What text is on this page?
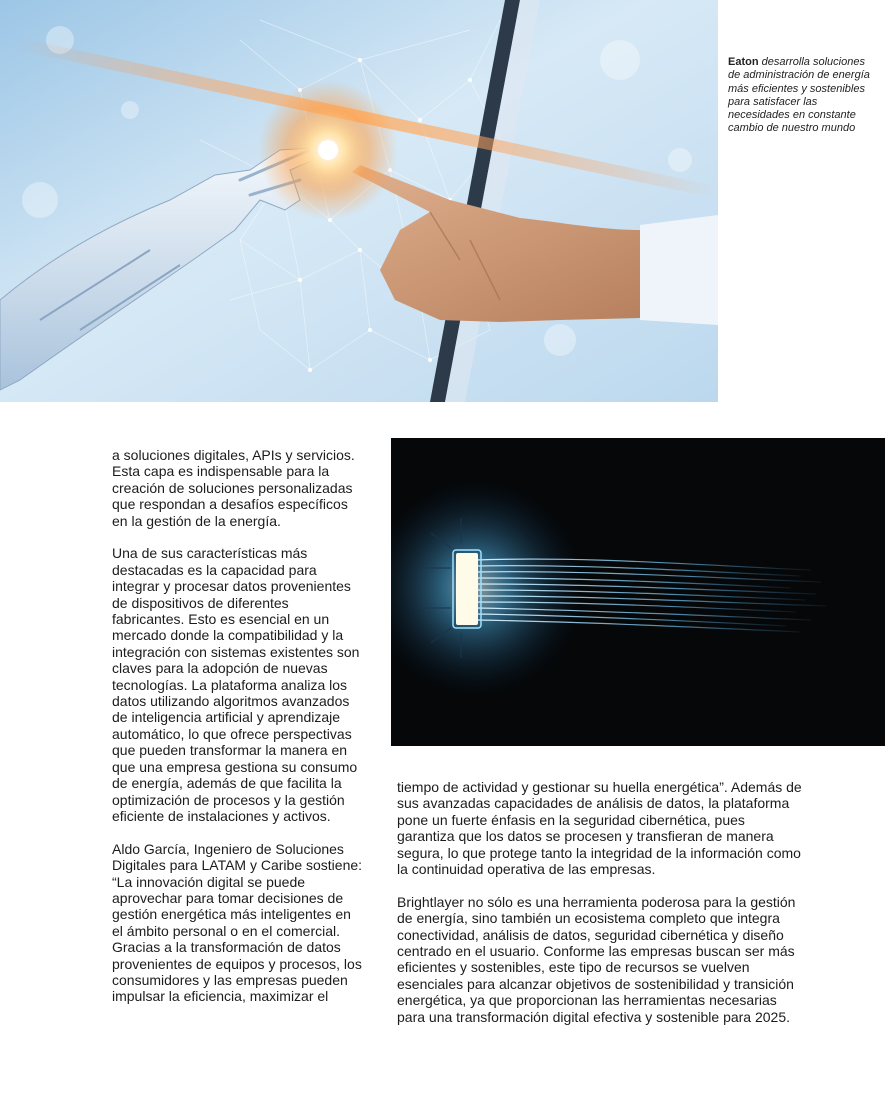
Eaton desarrolla soluciones de administración de energía más eficientes y sostenibles para satisfacer las necesidades en constante cambio de nuestro mundo

a soluciones digitales, APIs y servicios. Esta capa es indispensable para la creación de soluciones personalizadas que respondan a desafíos específicos en la gestión de la energía.

Una de sus características más destacadas es la capacidad para integrar y procesar datos provenientes de dispositivos de diferentes fabricantes. Esto es esencial en un mercado donde la compatibilidad y la integración con sistemas existentes son claves para la adopción de nuevas tecnologías. La plataforma analiza los datos utilizando algoritmos avanzados de inteligencia artificial y aprendizaje automático, lo que ofrece perspectivas que pueden transformar la manera en que una empresa gestiona su consumo de energía, además de que facilita la optimización de procesos y la gestión eficiente de instalaciones y activos.

Aldo García, Ingeniero de Soluciones Digitales para LATAM y Caribe sostiene: “La innovación digital se puede aprovechar para tomar decisiones de gestión energética más inteligentes en el ámbito personal o en el comercial. Gracias a la transformación de datos provenientes de equipos y procesos, los consumidores y las empresas pueden impulsar la eficiencia, maximizar el

tiempo de actividad y gestionar su huella energética”. Además de sus avanzadas capacidades de análisis de datos, la plataforma pone un fuerte énfasis en la seguridad cibernética, pues garantiza que los datos se procesen y transfieran de manera segura, lo que protege tanto la integridad de la información como la continuidad operativa de las empresas.

Brightlayer no sólo es una herramienta poderosa para la gestión de energía, sino también un ecosistema completo que integra conectividad, análisis de datos, seguridad cibernética y diseño centrado en el usuario. Conforme las empresas buscan ser más eficientes y sostenibles, este tipo de recursos se vuelven esenciales para alcanzar objetivos de sostenibilidad y transición energética, ya que proporcionan las herramientas necesarias para una transformación digital efectiva y sostenible para 2025.
